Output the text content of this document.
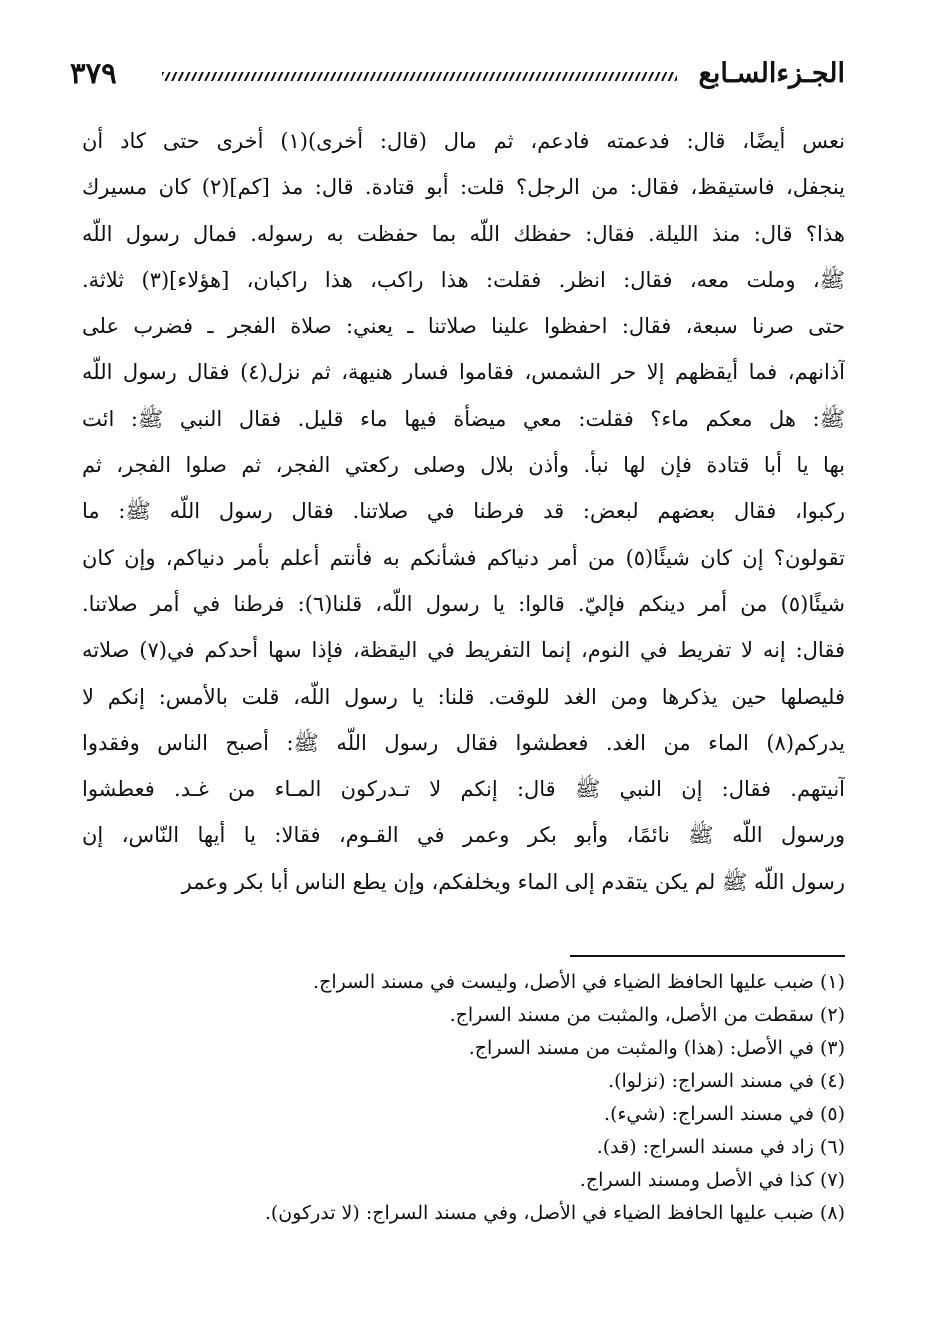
الجـزءالسـابع
٣٧٩
نعس أيضًا، قال: فدعمته فادعم، ثم مال (قال: أخرى)(١) أخرى حتى كاد أن
ينجفل، فاستيقظ، فقال: من الرجل؟ قلت: أبو قتادة. قال: مذ [كم](٢) كان مسيرك
هذا؟ قال: منذ الليلة. فقال: حفظك اللّه بما حفظت به رسوله. فمال رسول اللّه
ﷺ، وملت معه، فقال: انظر. فقلت: هذا راكب، هذا راكبان، [هؤلاء](٣) ثلاثة.
حتى صرنا سبعة، فقال: احفظوا علينا صلاتنا ـ يعني: صلاة الفجر ـ فضرب على
آذانهم، فما أيقظهم إلا حر الشمس، فقاموا فسار هنيهة، ثم نزل(٤) فقال رسول اللّه
ﷺ: هل معكم ماء؟ فقلت: معي ميضأة فيها ماء قليل. فقال النبي ﷺ: ائت
بها يا أبا قتادة فإن لها نبأ. وأذن بلال وصلى ركعتي الفجر، ثم صلوا الفجر، ثم
ركبوا، فقال بعضهم لبعض: قد فرطنا في صلاتنا. فقال رسول اللّه ﷺ: ما
تقولون؟ إن كان شيئًا(٥) من أمر دنياكم فشأنكم به فأنتم أعلم بأمر دنياكم، وإن كان
شيئًا(٥) من أمر دينكم فإليّ. قالوا: يا رسول اللّه، قلنا(٦): فرطنا في أمر صلاتنا.
فقال: إنه لا تفريط في النوم، إنما التفريط في اليقظة، فإذا سها أحدكم في(٧) صلاته
فليصلها حين يذكرها ومن الغد للوقت. قلنا: يا رسول اللّه، قلت بالأمس: إنكم لا
يدركم(٨) الماء من الغد. فعطشوا فقال رسول اللّه ﷺ: أصبح الناس وفقدوا
آنيتهم. فقال: إن النبي ﷺ قال: إنكم لا تـدركون المـاء من غـد. فعطشوا
ورسول اللّه ﷺ نائمًا، وأبو بكر وعمر في القـوم، فقالا: يا أيها النّاس، إن
رسول اللّه ﷺ لم يكن يتقدم إلى الماء ويخلفكم، وإن يطع الناس أبا بكر وعمر
(١) ضبب عليها الحافظ الضياء في الأصل، وليست في مسند السراج.
(٢) سقطت من الأصل، والمثبت من مسند السراج.
(٣) في الأصل: (هذا) والمثبت من مسند السراج.
(٤) في مسند السراج: (نزلوا).
(٥) في مسند السراج: (شيء).
(٦) زاد في مسند السراج: (قد).
(٧) كذا في الأصل ومسند السراج.
(٨) ضبب عليها الحافظ الضياء في الأصل، وفي مسند السراج: (لا تدركون).
